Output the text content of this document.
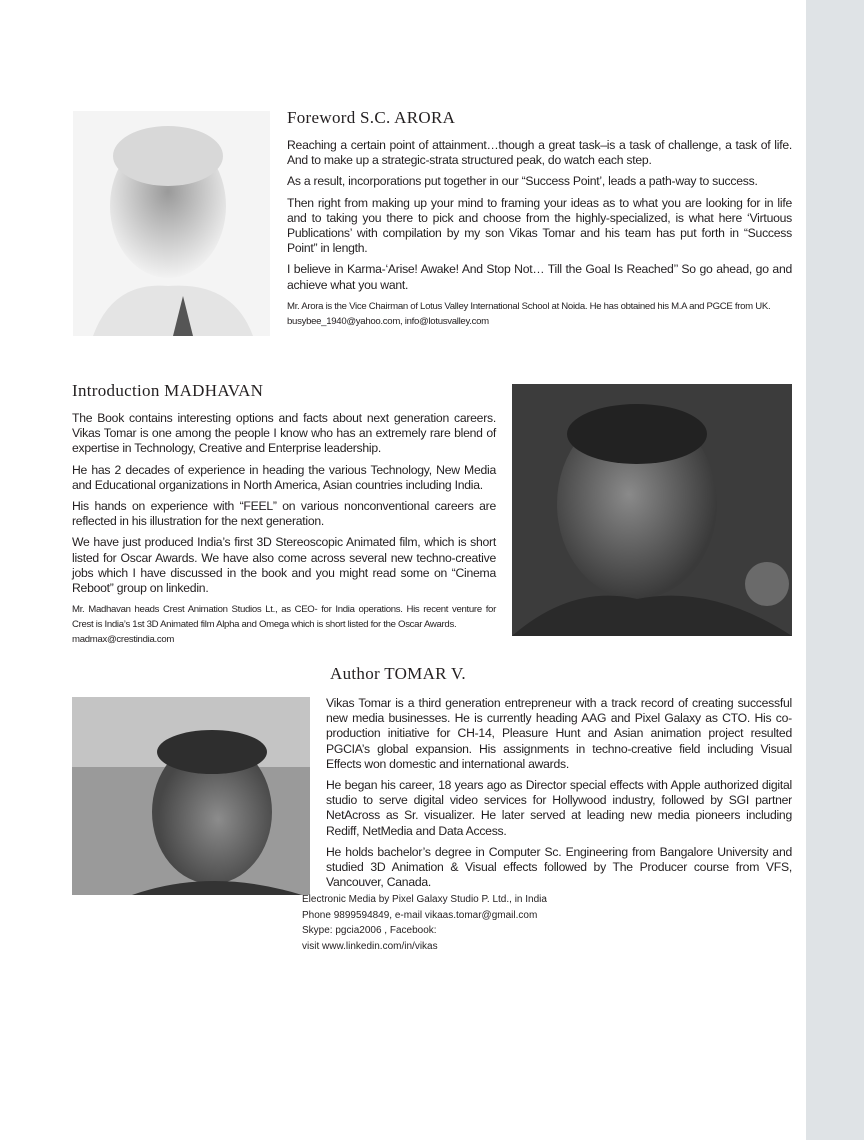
Foreword S.C. ARORA

Reaching a certain point of attainment…though a great task–is a task of challenge, a task of life. And to make up a strategic-strata structured peak, do watch each step.

As a result, incorporations put together in our “Success Point’, leads a path-way to success.

Then right from making up your mind to framing your ideas as to what you are looking for in life and to taking you there to pick and choose from the highly-specialized, is what here ‘Virtuous Publications’ with compilation by my son Vikas Tomar and his team has put forth in “Success Point” in length.

I believe in Karma-‘Arise! Awake! And Stop Not… Till the Goal Is Reached’’ So go ahead, go and achieve what you want.

Mr. Arora is the Vice Chairman of Lotus Valley International School at Noida. He has obtained his M.A and PGCE from UK.

busybee_1940@yahoo.com, info@lotusvalley.com

Introduction MADHAVAN

The Book contains interesting options and facts about next generation careers. Vikas Tomar is one among the people I know who has an extremely rare blend of expertise in Technology, Creative and Enterprise leadership.

He has 2 decades of experience in heading the various Technology, New Media and Educational organizations in North America, Asian countries including India.

His hands on experience with “FEEL” on various nonconventional careers are reflected in his illustration for the next generation.

We have just produced India’s first 3D Stereoscopic Animated film, which is short listed for Oscar Awards. We have also come across several new techno-creative jobs which I have discussed in the book and you might read some on “Cinema Reboot” group on linkedin.

Mr. Madhavan heads Crest Animation Studios Lt., as CEO- for India operations. His recent venture for Crest is India’s 1st 3D Animated film Alpha and Omega which is short listed for the Oscar Awards.

madmax@crestindia.com

Author TOMAR V.

Vikas Tomar is a third generation entrepreneur with a track record of creating successful new media businesses. He is currently heading AAG and Pixel Galaxy as CTO. His co-production initiative for CH-14, Pleasure Hunt and Asian animation project resulted PGCIA’s global expansion. His assignments in techno-creative field including Visual Effects won domestic and international awards.

He began his career, 18 years ago as Director special effects with Apple authorized digital studio to serve digital video services for Hollywood industry, followed by SGI partner NetAcross as Sr. visualizer. He later served at leading new media pioneers including Rediff, NetMedia and Data Access.

He holds bachelor’s degree in Computer Sc. Engineering from Bangalore University and studied 3D Animation & Visual effects followed by The Producer course from VFS, Vancouver, Canada.

Electronic Media by Pixel Galaxy Studio P. Ltd., in India
Phone 9899594849, e-mail vikaas.tomar@gmail.com
Skype: pgcia2006 , Facebook:
visit www.linkedin.com/in/vikas
